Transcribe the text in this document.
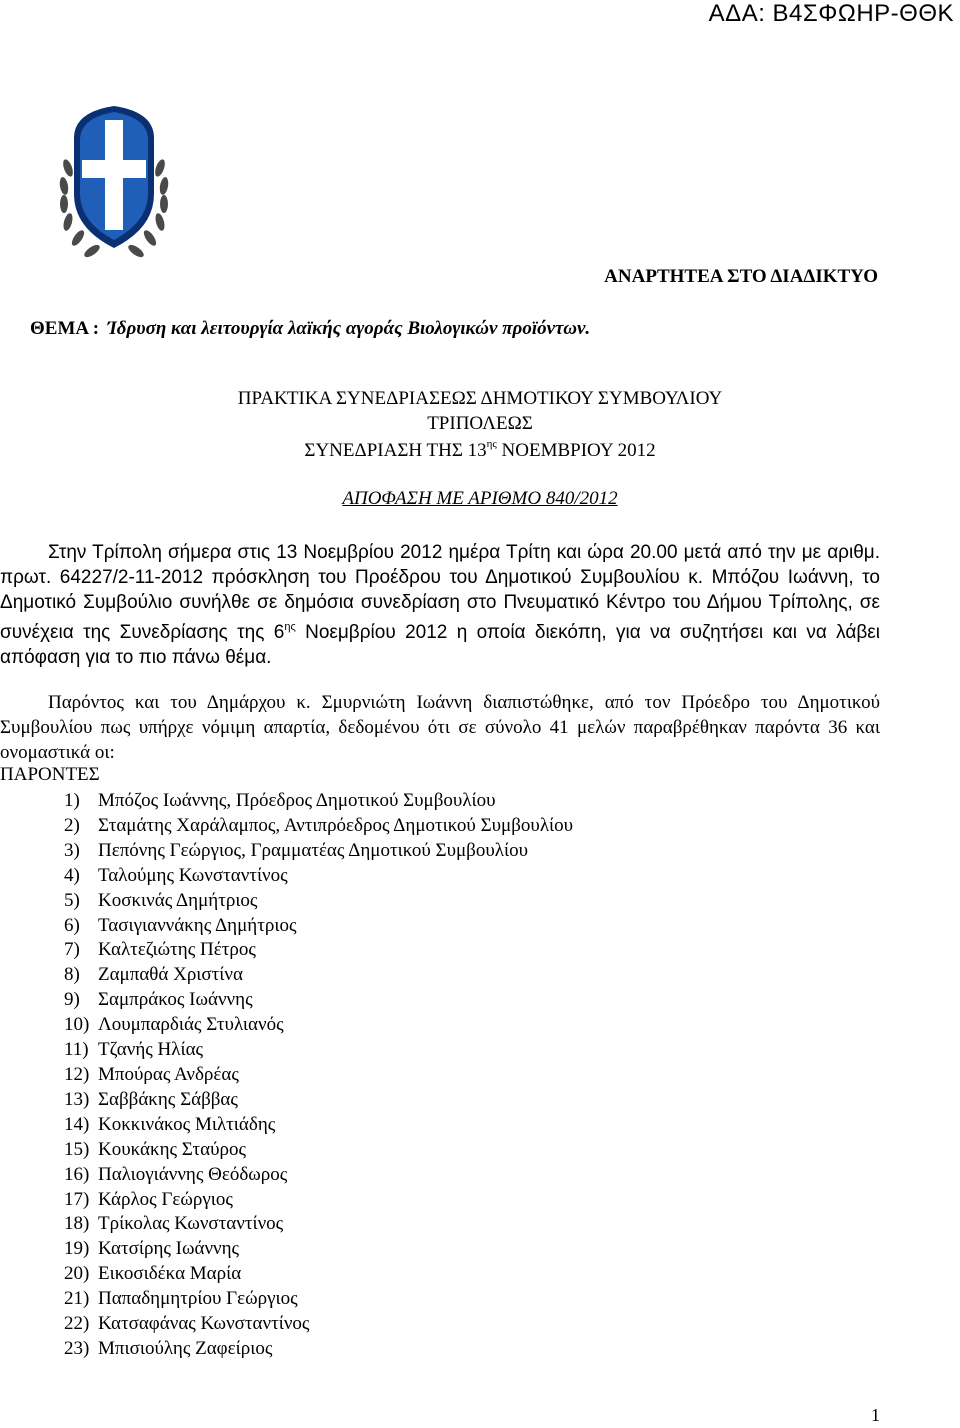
ΑΔΑ: Β4ΣΦΩΗΡ-ΘΘΚ
ΑΝΑΡΤΗΤΕΑ ΣΤΟ ΔΙΑΔΙΚΤΥΟ
ΘΕΜΑ : Ίδρυση και λειτουργία λαϊκής αγοράς Βιολογικών προϊόντων.
ΠΡΑΚΤΙΚΑ ΣΥΝΕΔΡΙΑΣΕΩΣ ΔΗΜΟΤΙΚΟΥ ΣΥΜΒΟΥΛΙΟΥ
ΤΡΙΠΟΛΕΩΣ
ΣΥΝΕΔΡΙΑΣΗ ΤΗΣ $13^{\eta\varsigma}$ ΝΟΕΜΒΡΙΟΥ 2012
ΑΠΟΦΑΣΗ ΜΕ ΑΡΙΘΜΟ 840/2012
Στην Τρίπολη σήμερα στις 13 Νοεμβρίου 2012 ημέρα Τρίτη και ώρα 20.00 μετά από την με αριθμ. πρωτ. 64227/2-11-2012 πρόσκληση του Προέδρου του Δημοτικού Συμβουλίου κ. Μπόζου Ιωάννη, το Δημοτικό Συμβούλιο συνήλθε σε δημόσια συνεδρίαση στο Πνευματικό Κέντρο του Δήμου Τρίπολης, σε συνέχεια της Συνεδρίασης της $6^{\eta\varsigma}$ Νοεμβρίου 2012 η οποία διεκόπη, για να συζητήσει και να λάβει απόφαση για το πιο πάνω θέμα.
Παρόντος και του Δημάρχου κ. Σμυρνιώτη Ιωάννη διαπιστώθηκε, από τον Πρόεδρο του Δημοτικού Συμβουλίου πως υπήρχε νόμιμη απαρτία, δεδομένου ότι σε σύνολο 41 μελών παραβρέθηκαν παρόντα 36 και ονομαστικά οι:
ΠΑΡΟΝΤΕΣ
1) Μπόζος Ιωάννης, Πρόεδρος Δημοτικού Συμβουλίου
2) Σταμάτης Χαράλαμπος, Αντιπρόεδρος Δημοτικού Συμβουλίου
3) Πεπόνης Γεώργιος, Γραμματέας Δημοτικού Συμβουλίου
4) Ταλούμης Κωνσταντίνος
5) Κοσκινάς Δημήτριος
6) Τασιγιαννάκης Δημήτριος
7) Καλτεζιώτης Πέτρος
8) Ζαμπαθά Χριστίνα
9) Σαμπράκος Ιωάννης
10) Λουμπαρδιάς Στυλιανός
11) Τζανής Ηλίας
12) Μπούρας Ανδρέας
13) Σαββάκης Σάββας
14) Κοκκινάκος Μιλτιάδης
15) Κουκάκης Σταύρος
16) Παλιογιάννης Θεόδωρος
17) Κάρλος Γεώργιος
18) Τρίκολας Κωνσταντίνος
19) Κατσίρης Ιωάννης
20) Εικοσιδέκα Μαρία
21) Παπαδημητρίου Γεώργιος
22) Κατσαφάνας Κωνσταντίνος
23) Μπισιούλης Ζαφείριος
1
